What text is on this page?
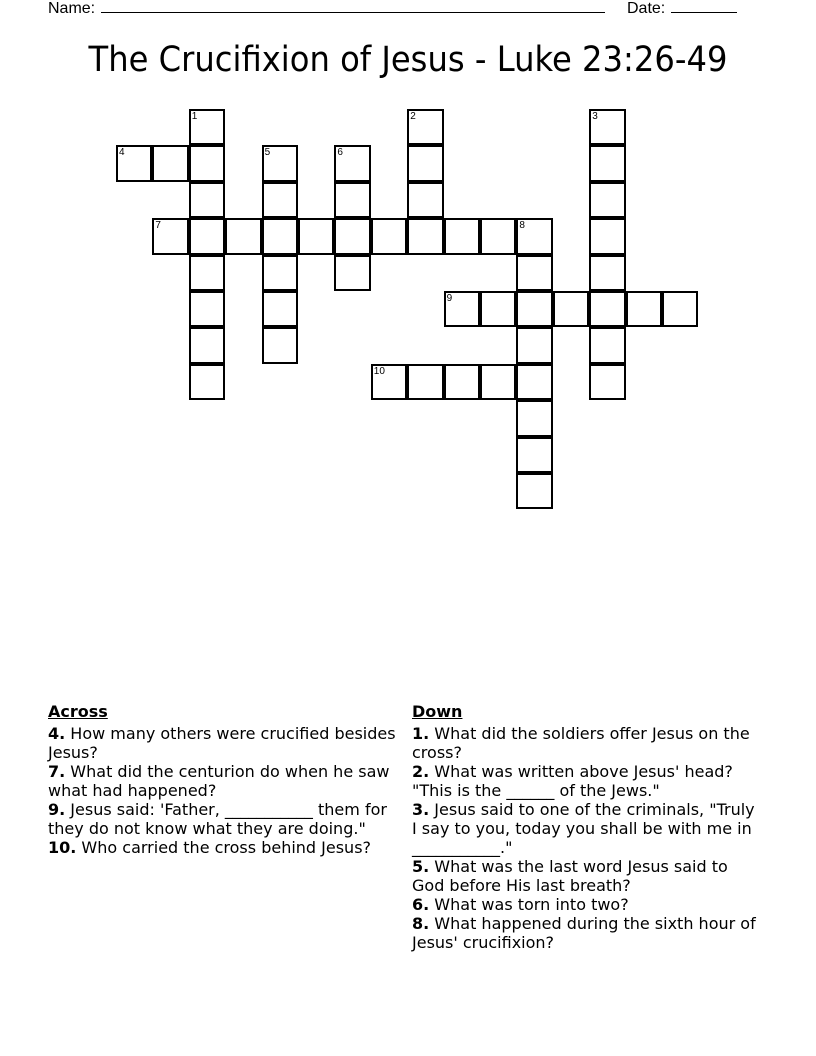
Name:	Date:
The Crucifixion of Jesus - Luke 23:26-49
1	2	3
4	5	6
7	8
9
10
Across
4. How many others were crucified besides Jesus?
7. What did the centurion do when he saw what had happened?
9. Jesus said: 'Father, ___________ them for they do not know what they are doing."
10. Who carried the cross behind Jesus?
Down
1. What did the soldiers offer Jesus on the cross?
2. What was written above Jesus' head? "This is the ______ of the Jews."
3. Jesus said to one of the criminals, "Truly I say to you, today you shall be with me in ___________."
5. What was the last word Jesus said to God before His last breath?
6. What was torn into two?
8. What happened during the sixth hour of Jesus' crucifixion?
